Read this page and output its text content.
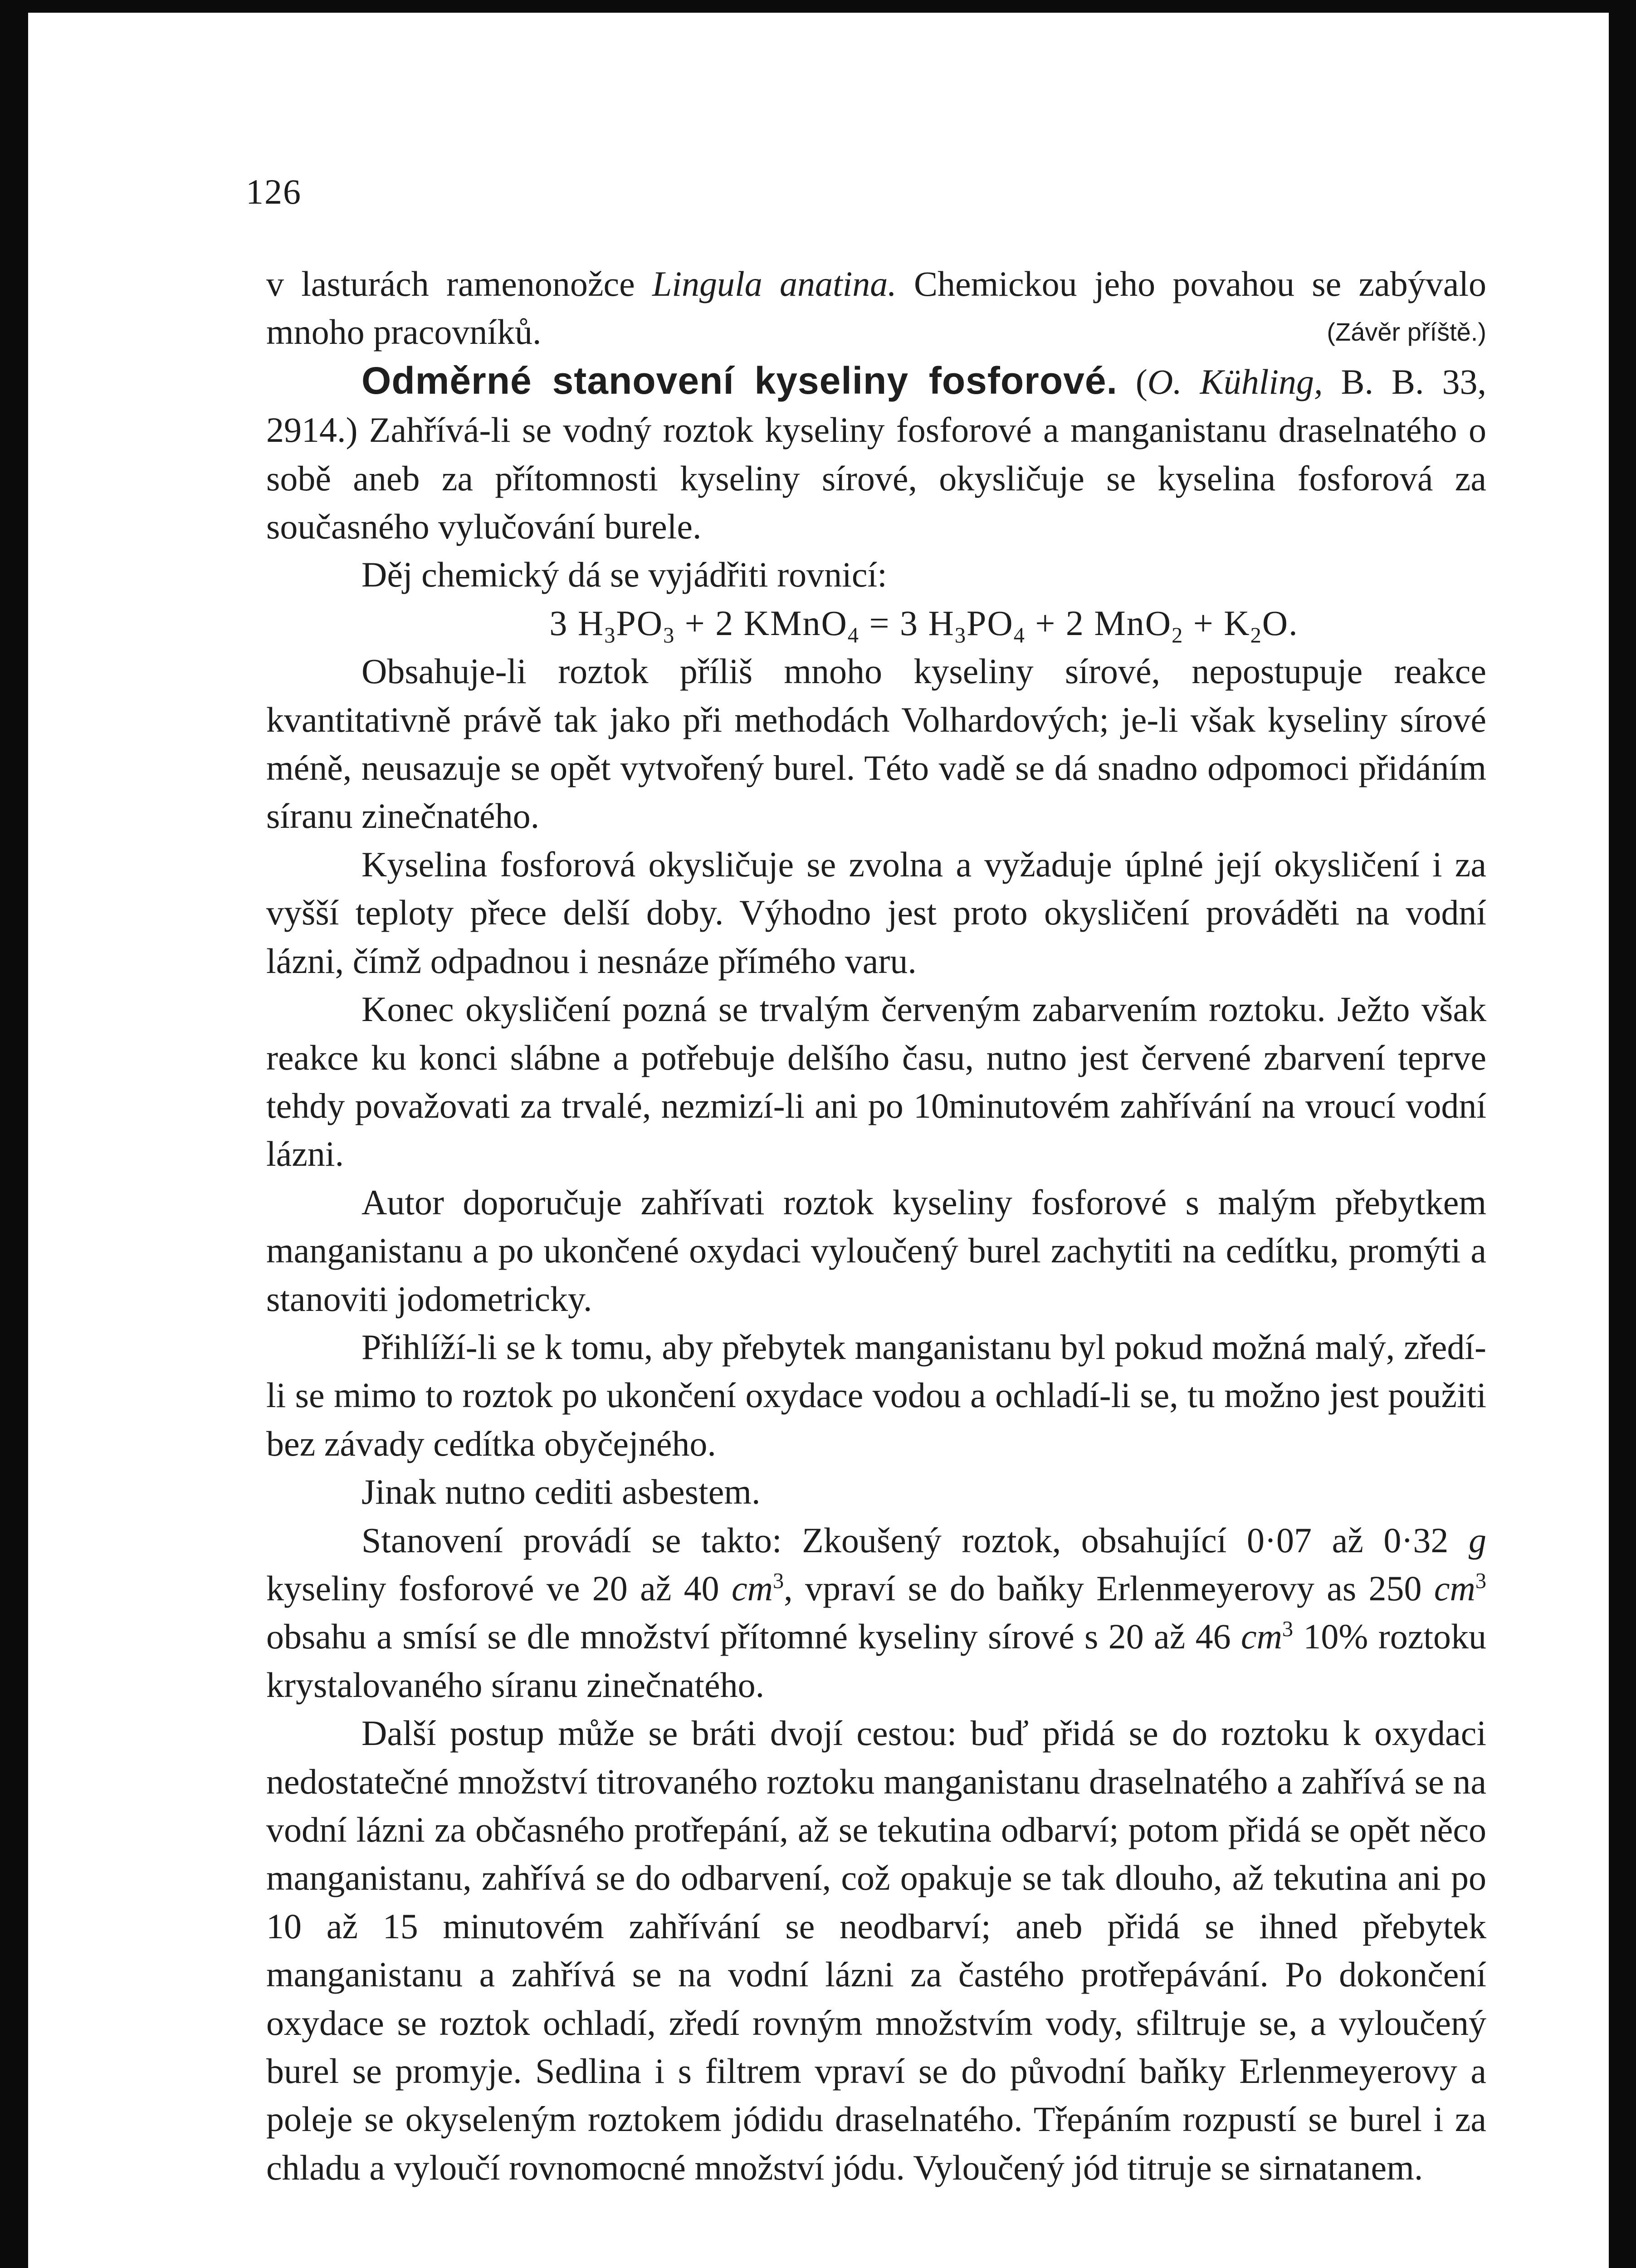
126

v lasturách ramenonožce Lingula anatina. Chemickou jeho povahou se zabývalo mnoho pracovníků.	(Závěr příště.)

Odměrné stanovení kyseliny fosforové. (O. Kühling, B. B. 33, 2914.) Zahřívá-li se vodný roztok kyseliny fosforové a manganistanu draselnatého o sobě aneb za přítomnosti kyseliny sírové, okysličuje se kyselina fosforová za současného vylučování burele.

Děj chemický dá se vyjádřiti rovnicí:

3 $H_3PO_3 + 2$ KMnO$_4$ = 3 $H_3PO_4 + 2$ $MnO_2 + K_2O$.

Obsahuje-li roztok příliš mnoho kyseliny sírové, nepostupuje reakce kvantitativně právě tak jako při methodách Volhardových; je-li však kyseliny sírové méně, neusazuje se opět vytvořený burel. Této vadě se dá snadno odpomoci přidáním síranu zinečnatého.

Kyselina fosforová okysličuje se zvolna a vyžaduje úplné její okysličení i za vyšší teploty přece delší doby. Výhodno jest proto okysličení prováděti na vodní lázni, čímž odpadnou i nesnáze přímého varu.

Konec okysličení pozná se trvalým červeným zabarvením roztoku. Ježto však reakce ku konci slábne a potřebuje delšího času, nutno jest červené zbarvení teprve tehdy považovati za trvalé, nezmizí-li ani po 10minutovém zahřívání na vroucí vodní lázni.

Autor doporučuje zahřívati roztok kyseliny fosforové s malým přebytkem manganistanu a po ukončené oxydaci vyloučený burel zachytiti na cedítku, promýti a stanoviti jodometricky.

Přihlíží-li se k tomu, aby přebytek manganistanu byl pokud možná malý, zředí-li se mimo to roztok po ukončení oxydace vodou a ochladí-li se, tu možno jest použiti bez závady cedítka obyčejného.

Jinak nutno cediti asbestem.

Stanovení provádí se takto: Zkoušený roztok, obsahující 0·07 až 0·32 g kyseliny fosforové ve 20 až 40 $cm^3$, vpraví se do baňky Erlenmeyerovy as 250 $cm^3$ obsahu a smísí se dle množství přítomné kyseliny sírové s 20 až 46 $cm^3$ 10% roztoku krystalovaného síranu zinečnatého.

Další postup může se bráti dvojí cestou: buď přidá se do roztoku k oxydaci nedostatečné množství titrovaného roztoku manganistanu draselnatého a zahřívá se na vodní lázni za občasného protřepání, až se tekutina odbarví; potom přidá se opět něco manganistanu, zahřívá se do odbarvení, což opakuje se tak dlouho, až tekutina ani po 10 až 15 minutovém zahřívání se neodbarví; aneb přidá se ihned přebytek manganistanu a zahřívá se na vodní lázni za častého protřepávání. Po dokončení oxydace se roztok ochladí, zředí rovným množstvím vody, sfiltruje se, a vyloučený burel se promyje. Sedlina i s filtrem vpraví se do původní baňky Erlenmeyerovy a poleje se okyseleným roztokem jódidu draselnatého. Třepáním rozpustí se burel i za chladu a vyloučí rovnomocné množství jódu. Vyloučený jód titruje se sirnatanem.
